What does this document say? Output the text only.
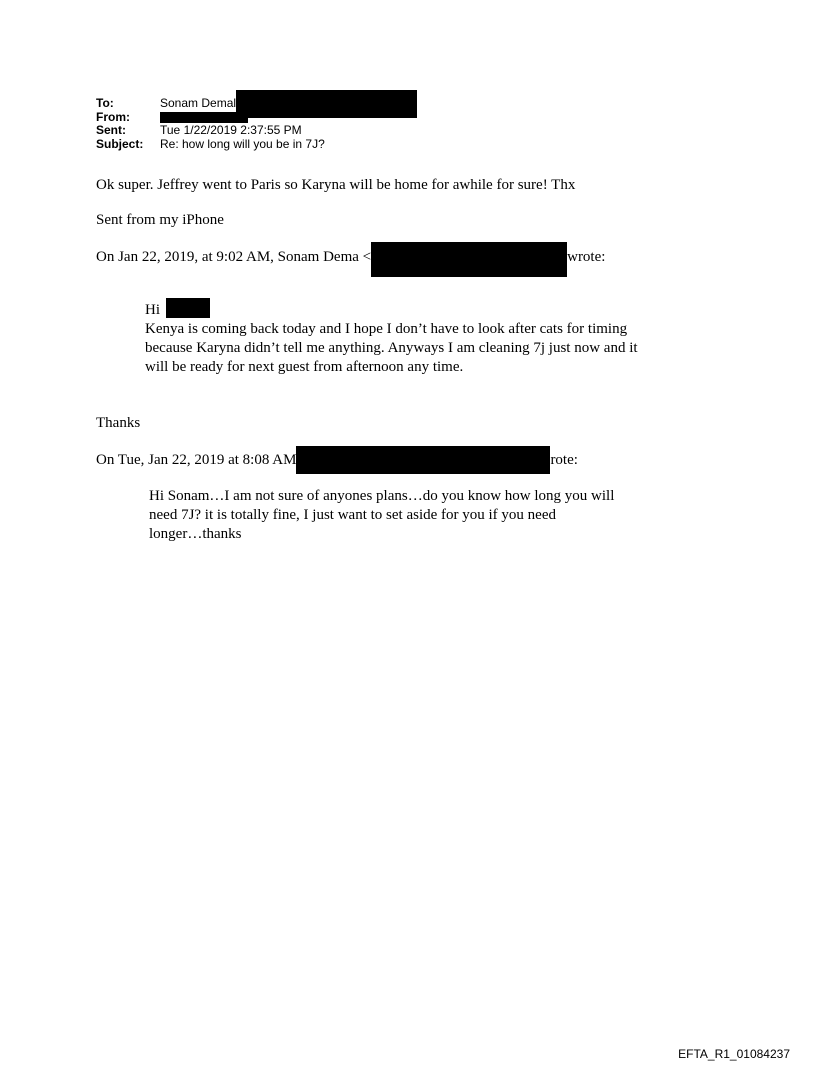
To:	Sonam Demal
From:
Sent:	Tue 1/22/2019 2:37:55 PM
Subject:	Re: how long will you be in 7J?
Ok super. Jeffrey went to Paris so Karyna will be home for awhile for sure! Thx
Sent from my iPhone
On Jan 22, 2019, at 9:02 AM, Sonam Dema <	wrote:
Hi
Kenya is coming back today and I hope I don’t have to look after cats for timing
because Karyna didn’t tell me anything. Anyways I am cleaning 7j just now and it
will be ready for next guest from afternoon any time.
Thanks
On Tue, Jan 22, 2019 at 8:08 AM	rote:
Hi Sonam…I am not sure of anyones plans…do you know how long you will
need 7J? it is totally fine, I just want to set aside for you if you need
longer…thanks
EFTA_R1_01084237
